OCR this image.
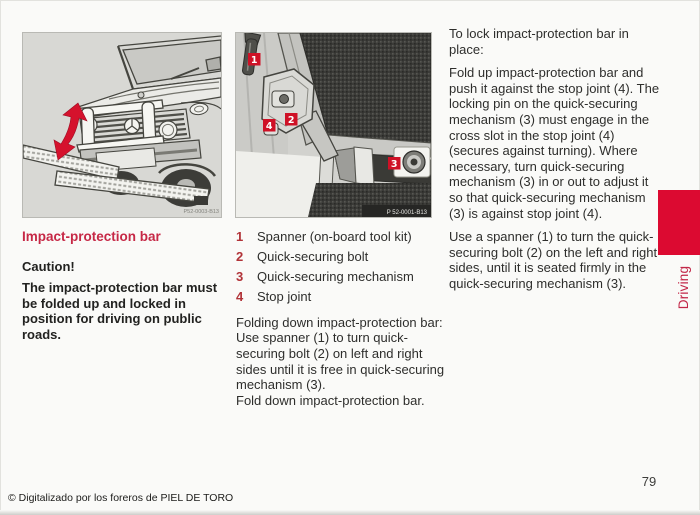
P52-0003-B13
1
2
4
3
P 52-0001-B13

Impact-protection bar

Caution!

The impact-protection bar must be folded up and locked in position for driving on public roads.

1	Spanner (on-board tool kit)
2	Quick-securing bolt
3	Quick-securing mechanism
4	Stop joint
Folding down impact-protection bar:
Use spanner (1) to turn quick-securing bolt (2) on left and right sides until it is free in quick-securing mechanism (3).
Fold down impact-protection bar.

To lock impact-protection bar in place:

Fold up impact-protection bar and push it against the stop joint (4). The locking pin on the quick-securing mechanism (3) must engage in the cross slot in the stop joint (4) (secures against turning). Where necessary, turn quick-securing mechanism (3) in or out to adjust it so that quick-securing mechanism (3) is against stop joint (4).

Use a spanner (1) to turn the quick-securing bolt (2) on the left and right sides, until it is seated firmly in the quick-securing mechanism (3).	Driving
79
© Digitalizado por los foreros de PIEL DE TORO
